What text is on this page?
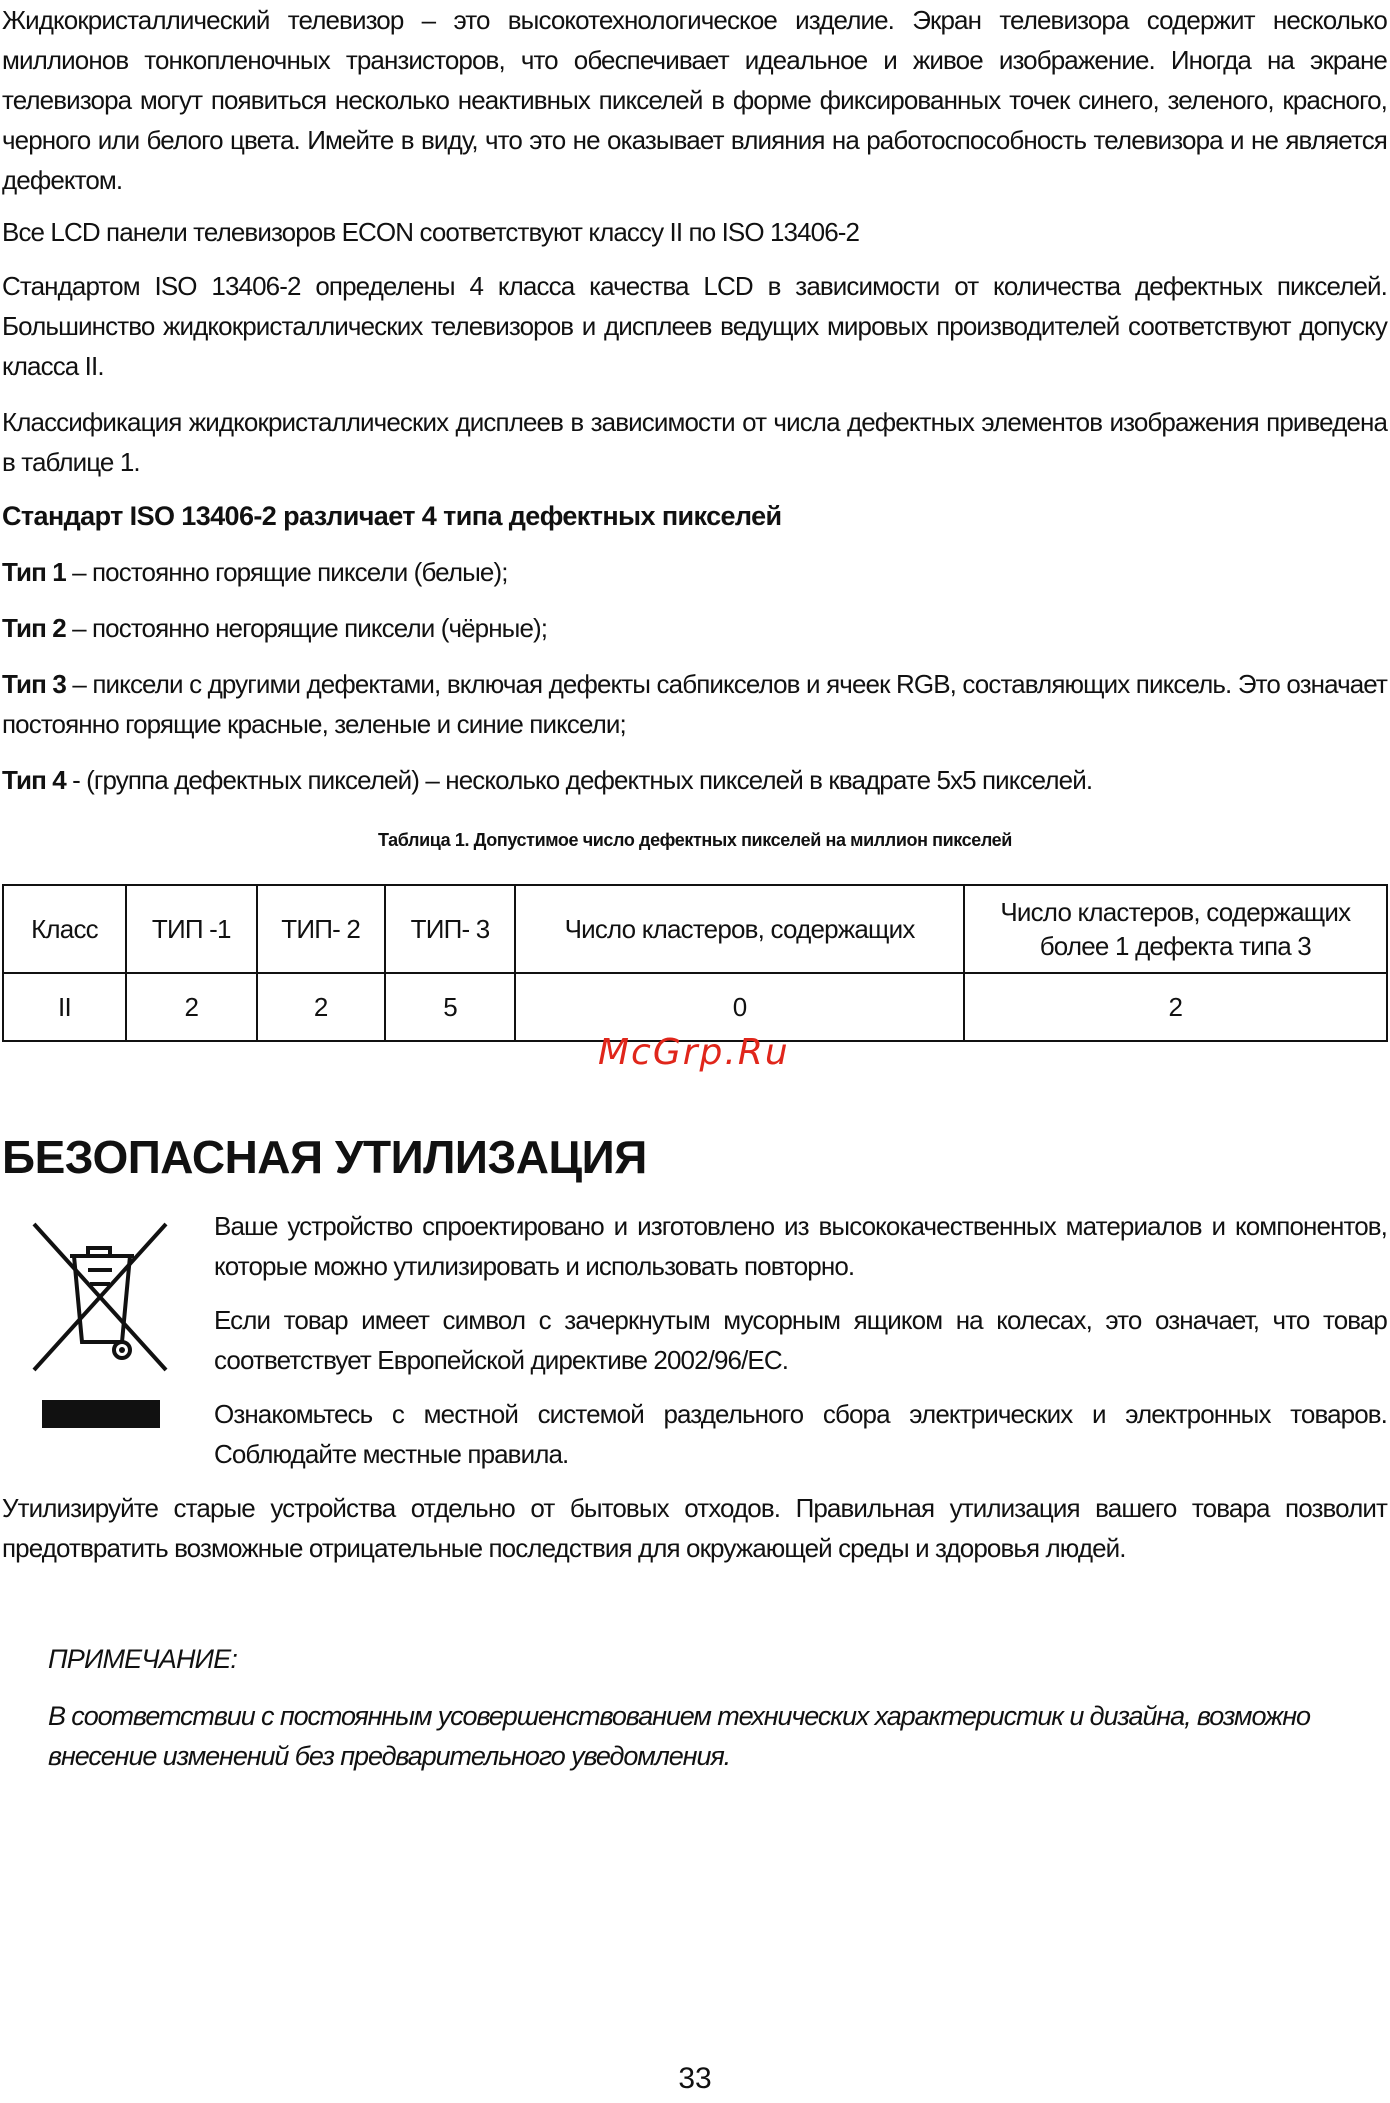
Жидкокристаллический телевизор – это высокотехнологическое изделие. Экран телевизора содержит несколько миллионов тонкопленочных транзисторов, что обеспечивает идеальное и живое изображение. Иногда на экране телевизора могут появиться несколько неактивных пикселей в форме фиксированных точек синего, зеленого, красного, черного или белого цвета. Имейте в виду, что это не оказывает влияния на работоспособность телевизора и не является дефектом.

Все LCD панели телевизоров ECON соответствуют классу II по ISO 13406-2

Стандартом ISO 13406-2 определены 4 класса качества LCD в зависимости от количества дефектных пикселей. Большинство жидкокристаллических телевизоров и дисплеев ведущих мировых производителей соответствуют допуску класса II.

Классификация жидкокристаллических дисплеев в зависимости от числа дефектных элементов изображения приведена в таблице 1.

Стандарт ISO 13406-2 различает 4 типа дефектных пикселей

Тип 1 – постоянно горящие пиксели (белые);

Тип 2 – постоянно негорящие пиксели (чёрные);

Тип 3 – пиксели с другими дефектами, включая дефекты сабпикселов и ячеек RGB, составляющих пиксель. Это означает постоянно горящие красные, зеленые и синие пиксели;

Тип 4 - (группа дефектных пикселей) – несколько дефектных пикселей в квадрате 5х5 пикселей.

Таблица 1. Допустимое число дефектных пикселей на миллион пикселей
Класс	ТИП -1	ТИП- 2	ТИП- 3	Число кластеров, содержащих	Число кластеров, содержащих более 1 дефекта типа 3
II	2	2	5	0	2
McGrp.Ru
БЕЗОПАСНАЯ УТИЛИЗАЦИЯ

Ваше устройство спроектировано и изготовлено из высококачественных материалов и компонентов, которые можно утилизировать и использовать повторно.

Если товар имеет символ с зачеркнутым мусорным ящиком на колесах, это означает, что товар соответствует Европейской директиве 2002/96/EC.

Ознакомьтесь с местной системой раздельного сбора электрических и электронных товаров. Соблюдайте местные правила.

Утилизируйте старые устройства отдельно от бытовых отходов. Правильная утилизация вашего товара позволит предотвратить возможные отрицательные последствия для окружающей среды и здоровья людей.

ПРИМЕЧАНИЕ:

В соответствии с постоянным усовершенствованием технических характеристик и дизайна, возможно внесение изменений без предварительного уведомления.

33
